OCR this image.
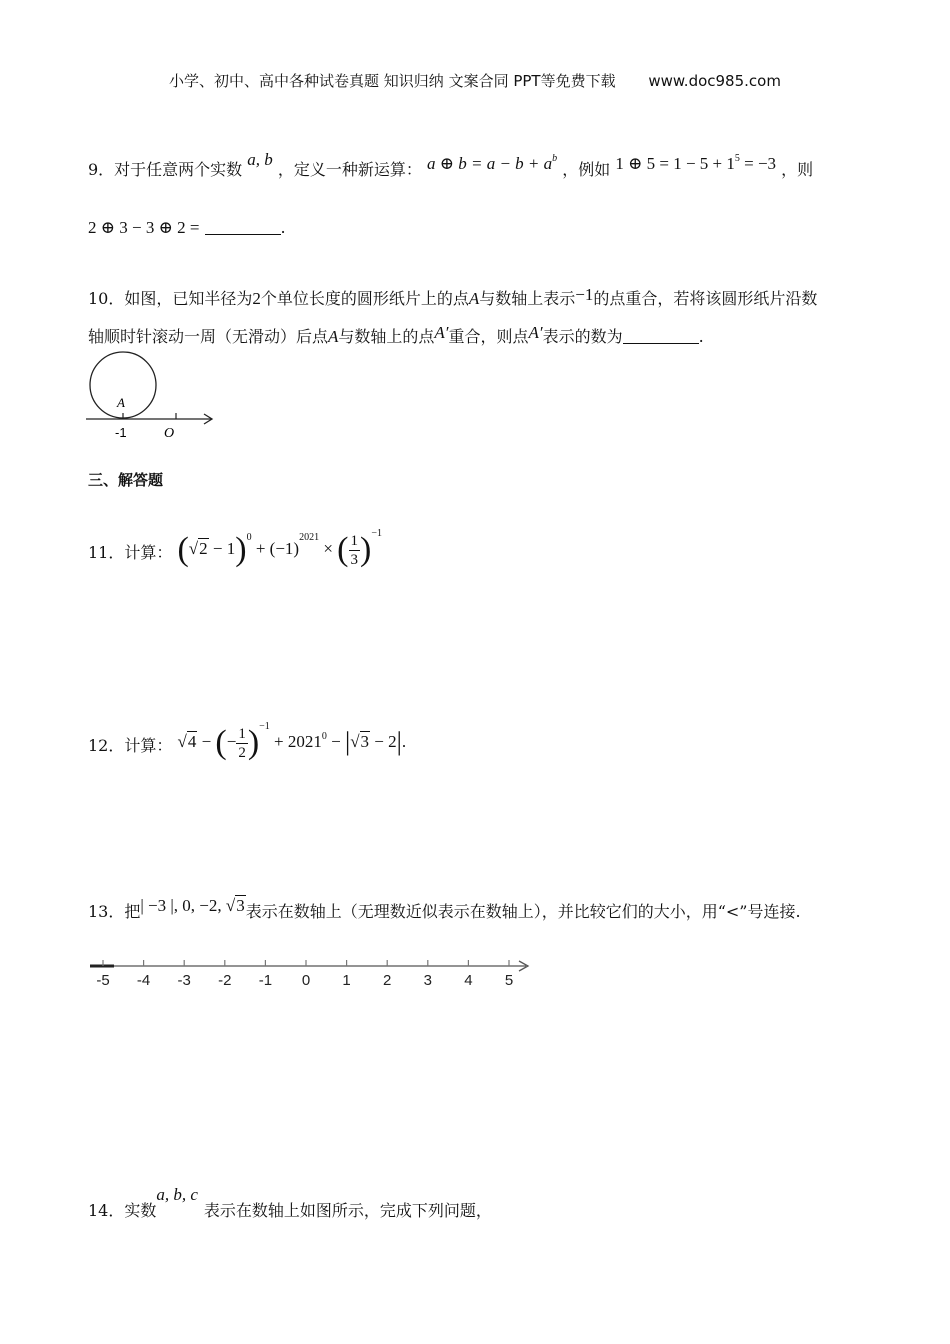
小学、初中、高中各种试卷真题 知识归纳 文案合同 PPT等免费下载 www.doc985.com
9．对于任意两个实数 a, b ，定义一种新运算： a ⊕ $b = a - b + a^b$ ，例如 1 ⊕ $5 = 1 - 5 + 1^5 = -3$ ，则
2 ⊕ 3 − 3 ⊕ 2 =	.
10．如图，已知半径为2个单位长度的圆形纸片上的点A与数轴上表示−1的点重合，若将该圆形纸片沿数
轴顺时针滚动一周（无滑动）后点A与数轴上的点A′重合，则点A′表示的数为	.
A
-1	O
三、解答题
11．计算： $(√2 - 1)^0 + (-1)^{2021}$ × ( $\frac{1}{3} )^{-1}$
12．计算： √4 − (− $\frac{1}{2} )^{-1} + 2021^0 - |√3 - 2|$.
13．把| −3 |, 0, −2, √3表示在数轴上（无理数近似表示在数轴上），并比较它们的大小，用“<”号连接.
-5 -4 -3 -2 -1 0 1 2 3 4 5
14．实数a, b, c表示在数轴上如图所示，完成下列问题，
